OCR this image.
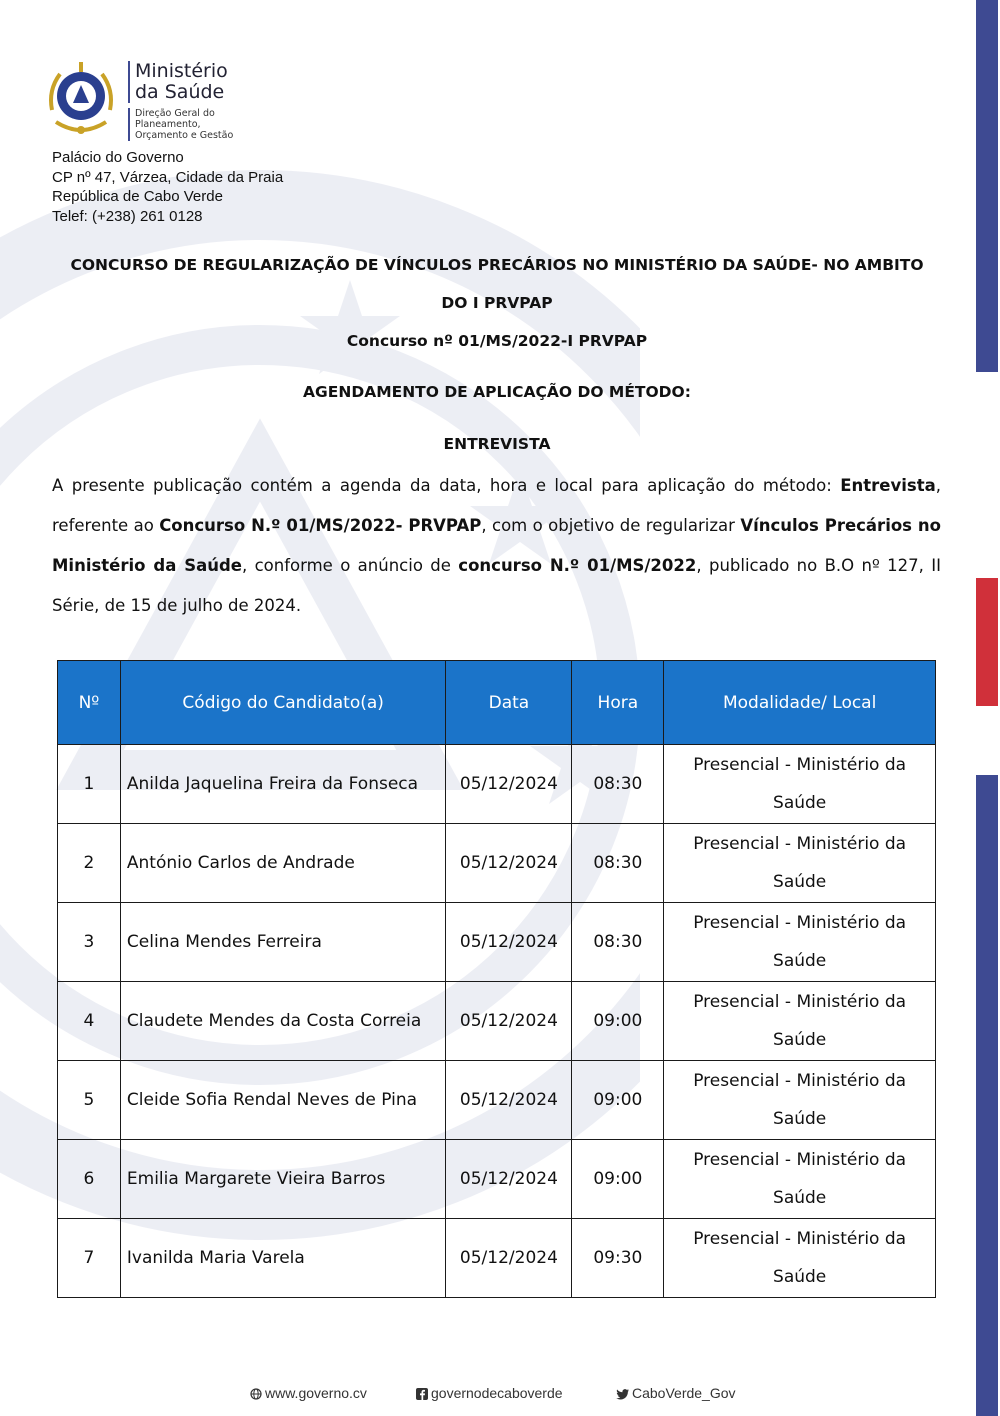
Ministério
da Saúde
Direção Geral do Planeamento,
Orçamento e Gestão
Palácio do Governo
CP nº 47, Várzea, Cidade da Praia
República de Cabo Verde
Telef: (+238) 261 0128
CONCURSO DE REGULARIZAÇÃO DE VÍNCULOS PRECÁRIOS NO MINISTÉRIO DA SAÚDE- NO AMBITO
DO I PRVPAP
Concurso nº 01/MS/2022-I PRVPAP
AGENDAMENTO DE APLICAÇÃO DO MÉTODO:
ENTREVISTA
A presente publicação contém a agenda da data, hora e local para aplicação do método: Entrevista, referente ao Concurso N.º 01/MS/2022- PRVPAP, com o objetivo de regularizar Vínculos Precários no Ministério da Saúde, conforme o anúncio de concurso N.º 01/MS/2022, publicado no B.O nº 127, II Série, de 15 de julho de 2024.
Nº	Código do Candidato(a)	Data	Hora	Modalidade/ Local
1	Anilda Jaquelina Freira da Fonseca	05/12/2024	08:30	Presencial - Ministério da
Saúde
2	António Carlos de Andrade	05/12/2024	08:30	Presencial - Ministério da
Saúde
3	Celina Mendes Ferreira	05/12/2024	08:30	Presencial - Ministério da
Saúde
4	Claudete Mendes da Costa Correia	05/12/2024	09:00	Presencial - Ministério da
Saúde
5	Cleide Sofia Rendal Neves de Pina	05/12/2024	09:00	Presencial - Ministério da
Saúde
6	Emilia Margarete Vieira Barros	05/12/2024	09:00	Presencial - Ministério da
Saúde
7	Ivanilda Maria Varela	05/12/2024	09:30	Presencial - Ministério da
Saúde
www.governo.cv	governodecaboverde	CaboVerde_Gov
